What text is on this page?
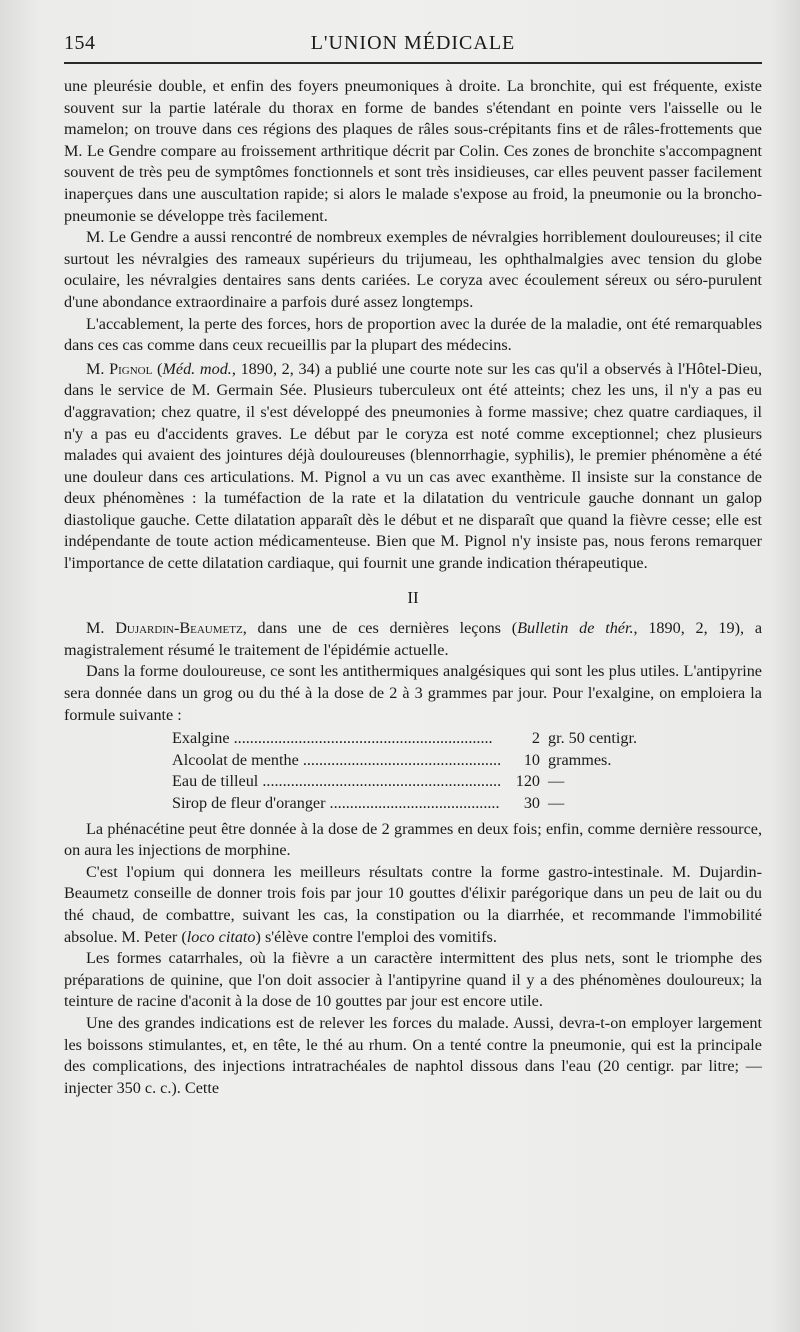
154	L'UNION MÉDICALE

une pleurésie double, et enfin des foyers pneumoniques à droite. La bronchite, qui est fréquente, existe souvent sur la partie latérale du thorax en forme de bandes s'étendant en pointe vers l'aisselle ou le mamelon; on trouve dans ces régions des plaques de râles sous-crépitants fins et de râles-frottements que M. Le Gendre compare au froissement arthritique décrit par Colin. Ces zones de bronchite s'accompagnent souvent de très peu de symptômes fonctionnels et sont très insidieuses, car elles peuvent passer facilement inaperçues dans une auscultation rapide; si alors le malade s'expose au froid, la pneumonie ou la broncho-pneumonie se développe très facilement.

M. Le Gendre a aussi rencontré de nombreux exemples de névralgies horriblement douloureuses; il cite surtout les névralgies des rameaux supérieurs du trijumeau, les ophthalmalgies avec tension du globe oculaire, les névralgies dentaires sans dents cariées. Le coryza avec écoulement séreux ou séro-purulent d'une abondance extraordinaire a parfois duré assez longtemps.

L'accablement, la perte des forces, hors de proportion avec la durée de la maladie, ont été remarquables dans ces cas comme dans ceux recueillis par la plupart des médecins.

M. Pignol (Méd. mod., 1890, 2, 34) a publié une courte note sur les cas qu'il a observés à l'Hôtel-Dieu, dans le service de M. Germain Sée. Plusieurs tuberculeux ont été atteints; chez les uns, il n'y a pas eu d'aggravation; chez quatre, il s'est développé des pneumonies à forme massive; chez quatre cardiaques, il n'y a pas eu d'accidents graves. Le début par le coryza est noté comme exceptionnel; chez plusieurs malades qui avaient des jointures déjà douloureuses (blennorrhagie, syphilis), le premier phénomène a été une douleur dans ces articulations. M. Pignol a vu un cas avec exanthème. Il insiste sur la constance de deux phénomènes : la tuméfaction de la rate et la dilatation du ventricule gauche donnant un galop diastolique gauche. Cette dilatation apparaît dès le début et ne disparaît que quand la fièvre cesse; elle est indépendante de toute action médicamenteuse. Bien que M. Pignol n'y insiste pas, nous ferons remarquer l'importance de cette dilatation cardiaque, qui fournit une grande indication thérapeutique.

II

M. Dujardin-Beaumetz, dans une de ces dernières leçons (Bulletin de thér., 1890, 2, 19), a magistralement résumé le traitement de l'épidémie actuelle.

Dans la forme douloureuse, ce sont les antithermiques analgésiques qui sont les plus utiles. L'antipyrine sera donnée dans un grog ou du thé à la dose de 2 à 3 grammes par jour. Pour l'exalgine, on emploiera la formule suivante :

Exalgine .....	2 gr. 50 centigr.
Alcoolat de menthe .....	10 grammes.
Eau de tilleul .....	120 —
Sirop de fleur d'oranger .....	30 —

La phénacétine peut être donnée à la dose de 2 grammes en deux fois; enfin, comme dernière ressource, on aura les injections de morphine.

C'est l'opium qui donnera les meilleurs résultats contre la forme gastro-intestinale. M. Dujardin-Beaumetz conseille de donner trois fois par jour 10 gouttes d'élixir parégorique dans un peu de lait ou du thé chaud, de combattre, suivant les cas, la constipation ou la diarrhée, et recommande l'immobilité absolue. M. Peter (loco citato) s'élève contre l'emploi des vomitifs.

Les formes catarrhales, où la fièvre a un caractère intermittent des plus nets, sont le triomphe des préparations de quinine, que l'on doit associer à l'antipyrine quand il y a des phénomènes douloureux; la teinture de racine d'aconit à la dose de 10 gouttes par jour est encore utile.

Une des grandes indications est de relever les forces du malade. Aussi, devra-t-on employer largement les boissons stimulantes, et, en tête, le thé au rhum. On a tenté contre la pneumonie, qui est la principale des complications, des injections intratrachéales de naphtol dissous dans l'eau (20 centigr. par litre; — injecter 350 c. c.). Cette
